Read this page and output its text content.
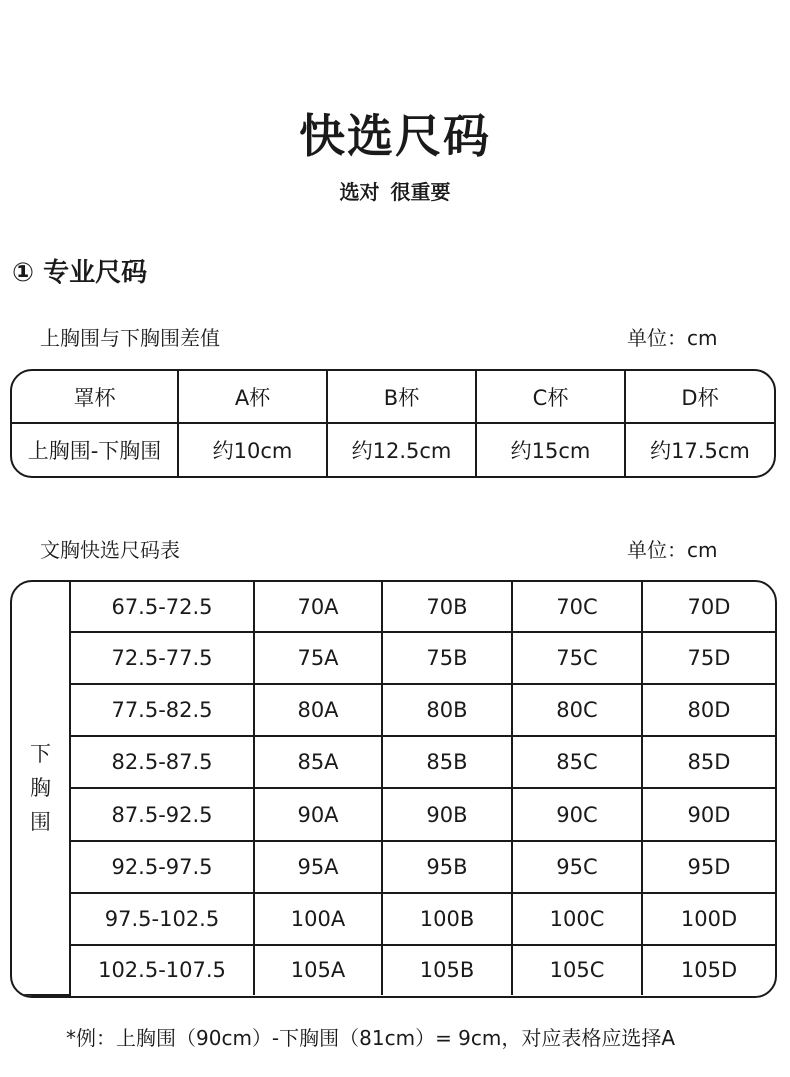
快选尺码
选对 很重要
① 专业尺码
上胸围与下胸围差值	单位：cm
罩杯	A杯	B杯	C杯	D杯
上胸围-下胸围	约10cm	约12.5cm	约15cm	约17.5cm
文胸快选尺码表	单位：cm
下
胸
围	67.5-72.5	70A	70B	70C	70D
	72.5-77.5	75A	75B	75C	75D
	77.5-82.5	80A	80B	80C	80D
	82.5-87.5	85A	85B	85C	85D
	87.5-92.5	90A	90B	90C	90D
	92.5-97.5	95A	95B	95C	95D
	97.5-102.5	100A	100B	100C	100D
	102.5-107.5	105A	105B	105C	105D
*例：上胸围（90cm）-下胸围（81cm）= 9cm，对应表格应选择A
